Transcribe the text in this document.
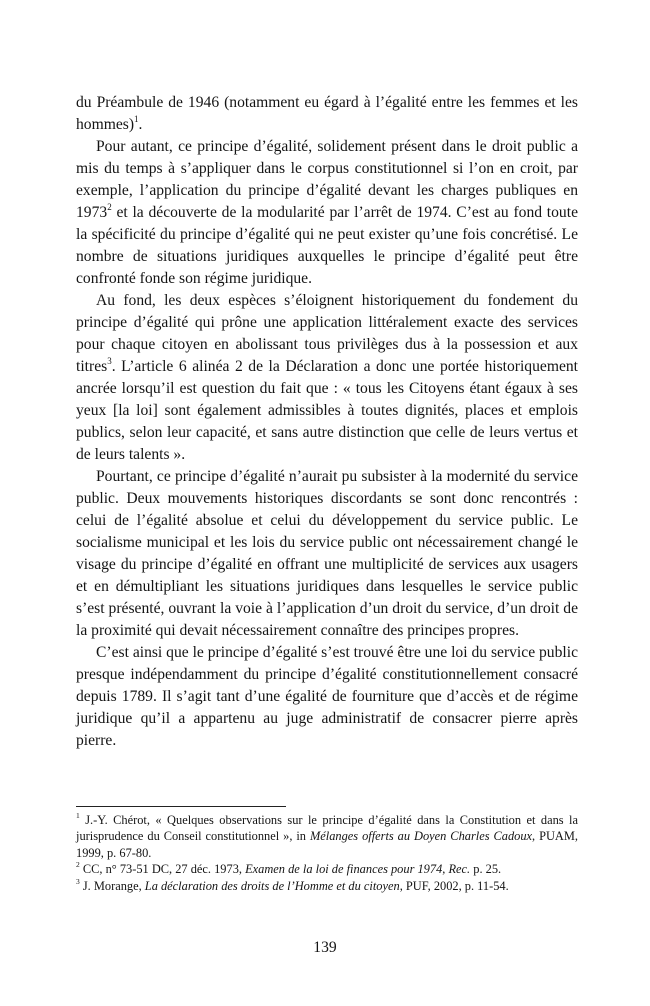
du Préambule de 1946 (notamment eu égard à l’égalité entre les femmes et les hommes)$^1$.

Pour autant, ce principe d’égalité, solidement présent dans le droit public a mis du temps à s’appliquer dans le corpus constitutionnel si l’on en croit, par exemple, l’application du principe d’égalité devant les charges publiques en 1973$^2$ et la découverte de la modularité par l’arrêt de 1974. C’est au fond toute la spécificité du principe d’égalité qui ne peut exister qu’une fois concrétisé. Le nombre de situations juridiques auxquelles le principe d’égalité peut être confronté fonde son régime juridique.

Au fond, les deux espèces s’éloignent historiquement du fondement du principe d’égalité qui prône une application littéralement exacte des services pour chaque citoyen en abolissant tous privilèges dus à la possession et aux titres$^3$. L’article 6 alinéa 2 de la Déclaration a donc une portée historiquement ancrée lorsqu’il est question du fait que : « tous les Citoyens étant égaux à ses yeux [la loi] sont également admissibles à toutes dignités, places et emplois publics, selon leur capacité, et sans autre distinction que celle de leurs vertus et de leurs talents ».

Pourtant, ce principe d’égalité n’aurait pu subsister à la modernité du service public. Deux mouvements historiques discordants se sont donc rencontrés : celui de l’égalité absolue et celui du développement du service public. Le socialisme municipal et les lois du service public ont nécessairement changé le visage du principe d’égalité en offrant une multiplicité de services aux usagers et en démultipliant les situations juridiques dans lesquelles le service public s’est présenté, ouvrant la voie à l’application d’un droit du service, d’un droit de la proximité qui devait nécessairement connaître des principes propres.

C’est ainsi que le principe d’égalité s’est trouvé être une loi du service public presque indépendamment du principe d’égalité constitutionnellement consacré depuis 1789. Il s’agit tant d’une égalité de fourniture que d’accès et de régime juridique qu’il a appartenu au juge administratif de consacrer pierre après pierre.

$^1$ J.-Y. Chérot, « Quelques observations sur le principe d’égalité dans la Constitution et dans la jurisprudence du Conseil constitutionnel », in Mélanges offerts au Doyen Charles Cadoux, PUAM, 1999, p. 67-80.

$^2$ CC, n° 73-51 DC, 27 déc. 1973, Examen de la loi de finances pour 1974, Rec. p. 25.

$^3$ J. Morange, La déclaration des droits de l’Homme et du citoyen, PUF, 2002, p. 11-54.

139
